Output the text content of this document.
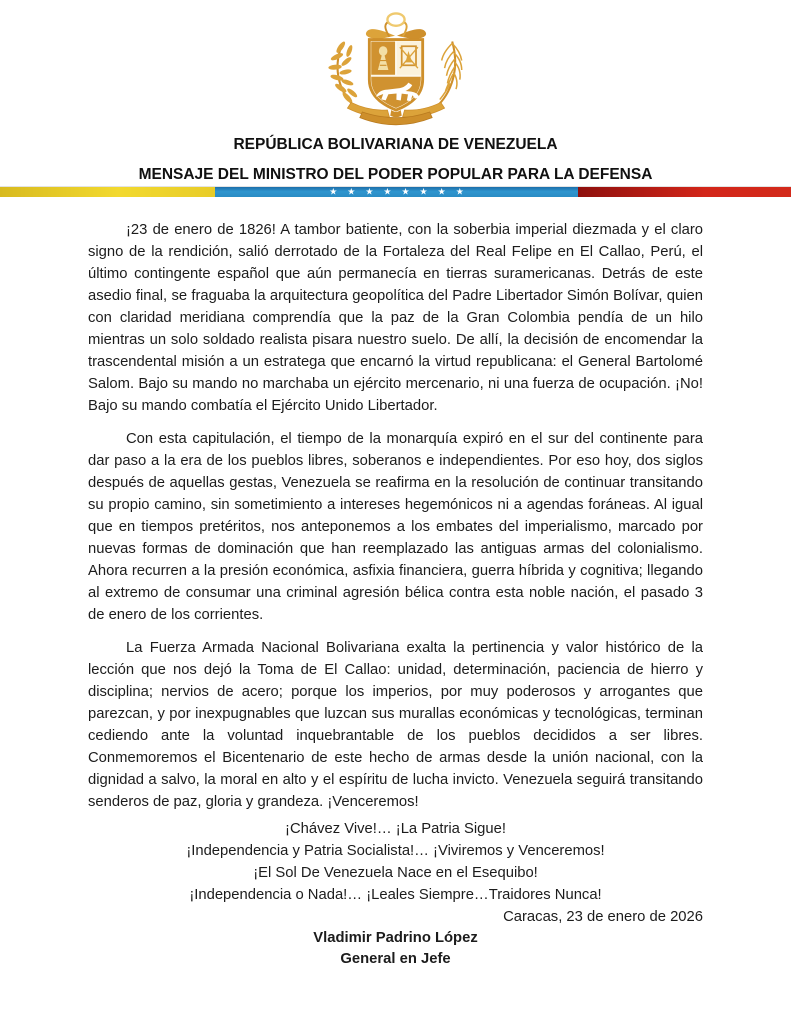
REPÚBLICA BOLIVARIANA DE VENEZUELA
MENSAJE DEL MINISTRO DEL PODER POPULAR PARA LA DEFENSA
★★★★★★★★

¡23 de enero de 1826! A tambor batiente, con la soberbia imperial diezmada y el claro signo de la rendición, salió derrotado de la Fortaleza del Real Felipe en El Callao, Perú, el último contingente español que aún permanecía en tierras suramericanas. Detrás de este asedio final, se fraguaba la arquitectura geopolítica del Padre Libertador Simón Bolívar, quien con claridad meridiana comprendía que la paz de la Gran Colombia pendía de un hilo mientras un solo soldado realista pisara nuestro suelo. De allí, la decisión de encomendar la trascendental misión a un estratega que encarnó la virtud republicana: el General Bartolomé Salom. Bajo su mando no marchaba un ejército mercenario, ni una fuerza de ocupación. ¡No! Bajo su mando combatía el Ejército Unido Libertador.

Con esta capitulación, el tiempo de la monarquía expiró en el sur del continente para dar paso a la era de los pueblos libres, soberanos e independientes. Por eso hoy, dos siglos después de aquellas gestas, Venezuela se reafirma en la resolución de continuar transitando su propio camino, sin sometimiento a intereses hegemónicos ni a agendas foráneas. Al igual que en tiempos pretéritos, nos anteponemos a los embates del imperialismo, marcado por nuevas formas de dominación que han reemplazado las antiguas armas del colonialismo. Ahora recurren a la presión económica, asfixia financiera, guerra híbrida y cognitiva; llegando al extremo de consumar una criminal agresión bélica contra esta noble nación, el pasado 3 de enero de los corrientes.

La Fuerza Armada Nacional Bolivariana exalta la pertinencia y valor histórico de la lección que nos dejó la Toma de El Callao: unidad, determinación, paciencia de hierro y disciplina; nervios de acero; porque los imperios, por muy poderosos y arrogantes que parezcan, y por inexpugnables que luzcan sus murallas económicas y tecnológicas, terminan cediendo ante la voluntad inquebrantable de los pueblos decididos a ser libres. Conmemoremos el Bicentenario de este hecho de armas desde la unión nacional, con la dignidad a salvo, la moral en alto y el espíritu de lucha invicto. Venezuela seguirá transitando senderos de paz, gloria y grandeza. ¡Venceremos!

¡Chávez Vive!… ¡La Patria Sigue!

¡Independencia y Patria Socialista!… ¡Viviremos y Venceremos!

¡El Sol De Venezuela Nace en el Esequibo!

¡Independencia o Nada!… ¡Leales Siempre…Traidores Nunca!

Caracas, 23 de enero de 2026

Vladimir Padrino López

General en Jefe
